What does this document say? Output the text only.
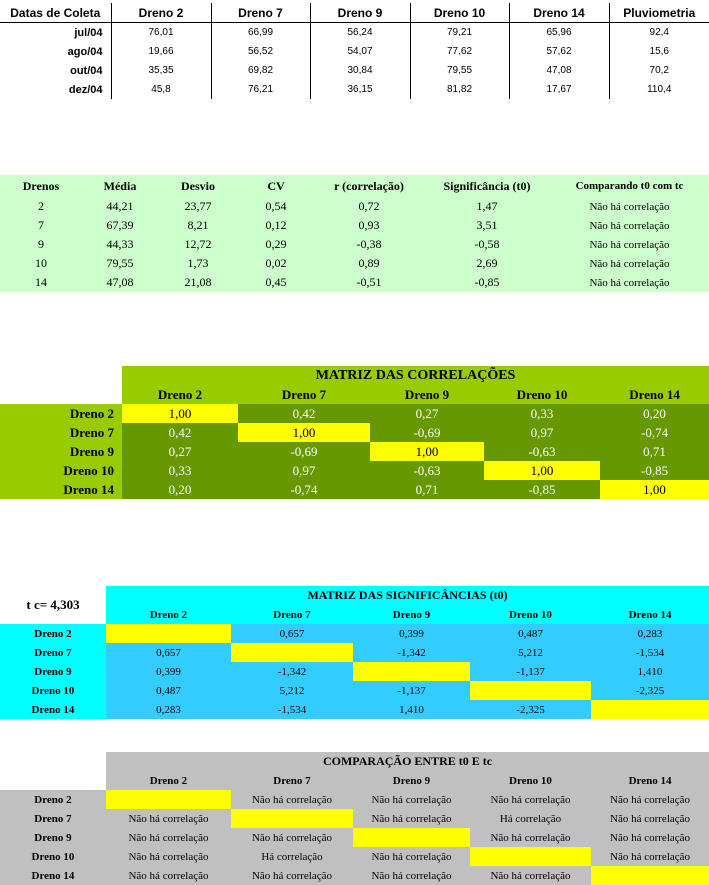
Datas de Coleta	Dreno 2	Dreno 7	Dreno 9	Dreno 10	Dreno 14	Pluviometria
jul/04	76,01	66,99	56,24	79,21	65,96	92,4
ago/04	19,66	56,52	54,07	77,62	57,62	15,6
out/04	35,35	69,82	30,84	79,55	47,08	70,2
dez/04	45,8	76,21	36,15	81,82	17,67	110,4
Drenos	Média	Desvio	CV	r (correlação)	Significância (t0)	Comparando t0 com tc
2	44,21	23,77	0,54	0,72	1,47	Não há correlação
7	67,39	8,21	0,12	0,93	3,51	Não há correlação
9	44,33	12,72	0,29	-0,38	-0,58	Não há correlação
10	79,55	1,73	0,02	0,89	2,69	Não há correlação
14	47,08	21,08	0,45	-0,51	-0,85	Não há correlação
	MATRIZ DAS CORRELAÇÕES				
	Dreno 2	Dreno 7	Dreno 9	Dreno 10	Dreno 14
Dreno 2	1,00	0,42	0,27	0,33	0,20
Dreno 7	0,42	1,00	-0,69	0,97	-0,74
Dreno 9	0,27	-0,69	1,00	-0,63	0,71
Dreno 10	0,33	0,97	-0,63	1,00	-0,85
Dreno 14	0,20	-0,74	0,71	-0,85	1,00
t c= 4,303	MATRIZ DAS SIGNIFICÂNCIAS (t0)				
	Dreno 2	Dreno 7	Dreno 9	Dreno 10	Dreno 14
Dreno 2		0,657	0,399	0,487	0,283
Dreno 7	0,657		-1,342	5,212	-1,534
Dreno 9	0,399	-1,342		-1,137	1,410
Dreno 10	0,487	5,212	-1,137		-2,325
Dreno 14	0,283	-1,534	1,410	-2,325	
	COMPARAÇÃO ENTRE t0 E tc				
	Dreno 2	Dreno 7	Dreno 9	Dreno 10	Dreno 14
Dreno 2		Não há correlação	Não há correlação	Não há correlação	Não há correlação
Dreno 7	Não há correlação		Não há correlação	Há correlação	Não há correlação
Dreno 9	Não há correlação	Não há correlação		Não há correlação	Não há correlação
Dreno 10	Não há correlação	Há correlação	Não há correlação		Não há correlação
Dreno 14	Não há correlação	Não há correlação	Não há correlação	Não há correlação	
